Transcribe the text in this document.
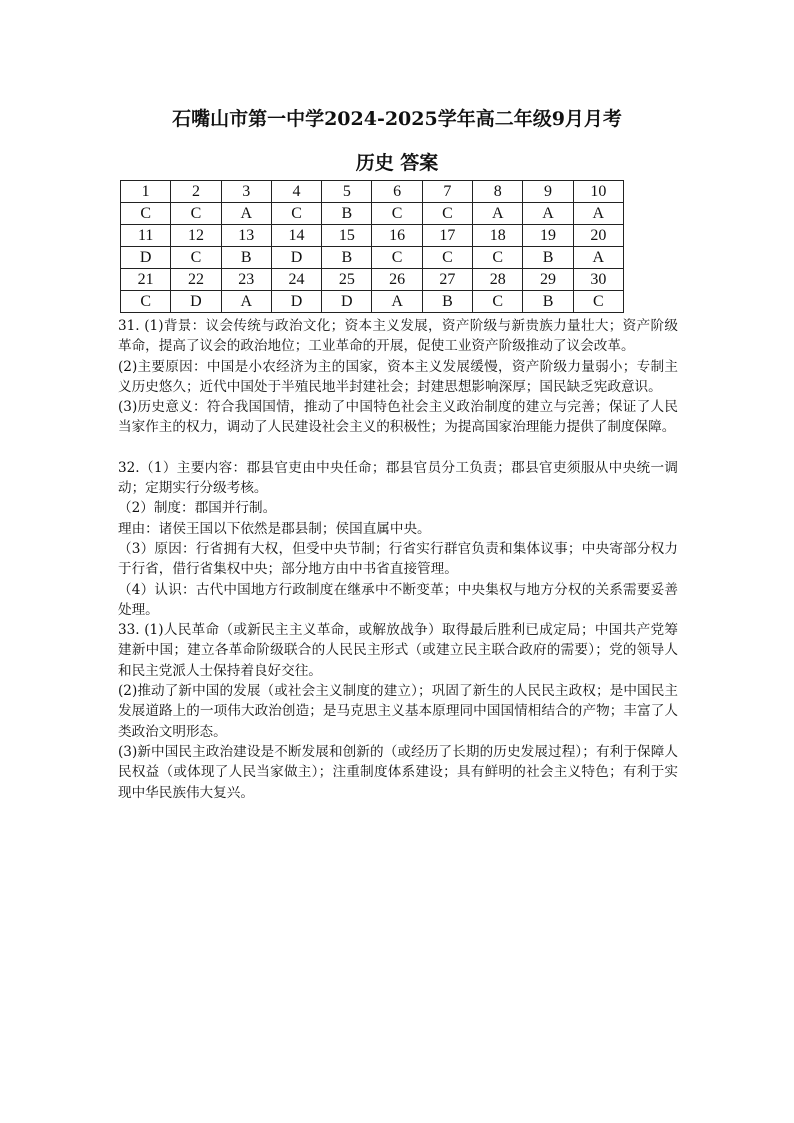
石嘴山市第一中学2024-2025学年高二年级9月月考
历史 答案
1	2	3	4	5	6	7	8	9	10
C	C	A	C	B	C	C	A	A	A
11	12	13	14	15	16	17	18	19	20
D	C	B	D	B	C	C	C	B	A
21	22	23	24	25	26	27	28	29	30
C	D	A	D	D	A	B	C	B	C

31. (1)背景：议会传统与政治文化；资本主义发展，资产阶级与新贵族力量壮大；资产阶级革命，提高了议会的政治地位；工业革命的开展，促使工业资产阶级推动了议会改革。

(2)主要原因：中国是小农经济为主的国家，资本主义发展缓慢，资产阶级力量弱小；专制主义历史悠久；近代中国处于半殖民地半封建社会；封建思想影响深厚；国民缺乏宪政意识。

(3)历史意义：符合我国国情，推动了中国特色社会主义政治制度的建立与完善；保证了人民当家作主的权力，调动了人民建设社会主义的积极性；为提高国家治理能力提供了制度保障。

32.（1）主要内容：郡县官吏由中央任命；郡县官员分工负责；郡县官吏须服从中央统一调动；定期实行分级考核。

（2）制度：郡国并行制。

理由：诸侯王国以下依然是郡县制；侯国直属中央。

（3）原因：行省拥有大权，但受中央节制；行省实行群官负责和集体议事；中央寄部分权力于行省，借行省集权中央；部分地方由中书省直接管理。

（4）认识：古代中国地方行政制度在继承中不断变革；中央集权与地方分权的关系需要妥善处理。

33. (1)人民革命（或新民主主义革命，或解放战争）取得最后胜利已成定局；中国共产党筹建新中国；建立各革命阶级联合的人民民主形式（或建立民主联合政府的需要）；党的领导人和民主党派人士保持着良好交往。

(2)推动了新中国的发展（或社会主义制度的建立）；巩固了新生的人民民主政权；是中国民主发展道路上的一项伟大政治创造；是马克思主义基本原理同中国国情相结合的产物；丰富了人类政治文明形态。

(3)新中国民主政治建设是不断发展和创新的（或经历了长期的历史发展过程）；有利于保障人民权益（或体现了人民当家做主）；注重制度体系建设；具有鲜明的社会主义特色；有利于实现中华民族伟大复兴。
